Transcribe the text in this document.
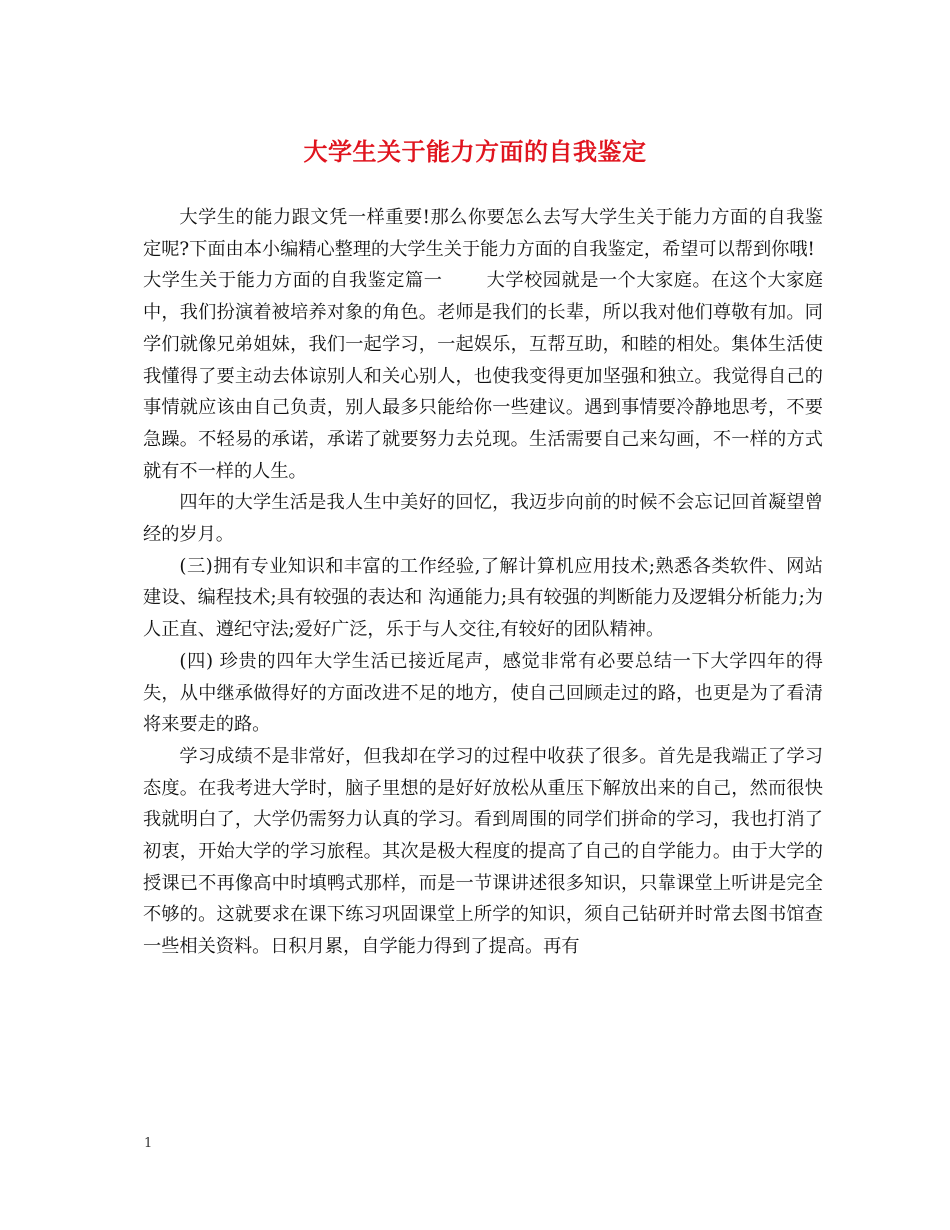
大学生关于能力方面的自我鉴定

大学生的能力跟文凭一样重要!那么你要怎么去写大学生关于能力方面的自我鉴定呢?下面由本小编精心整理的大学生关于能力方面的自我鉴定，希望可以帮到你哦!

大学生关于能力方面的自我鉴定篇一 大学校园就是一个大家庭。在这个大家庭中，我们扮演着被培养对象的角色。老师是我们的长辈，所以我对他们尊敬有加。同学们就像兄弟姐妹，我们一起学习，一起娱乐，互帮互助，和睦的相处。集体生活使我懂得了要主动去体谅别人和关心别人，也使我变得更加坚强和独立。我觉得自己的事情就应该由自己负责，别人最多只能给你一些建议。遇到事情要冷静地思考，不要急躁。不轻易的承诺，承诺了就要努力去兑现。生活需要自己来勾画，不一样的方式就有不一样的人生。

四年的大学生活是我人生中美好的回忆，我迈步向前的时候不会忘记回首凝望曾经的岁月。

(三)拥有专业知识和丰富的工作经验,了解计算机应用技术;熟悉各类软件、网站建设、编程技术;具有较强的表达和 沟通能力;具有较强的判断能力及逻辑分析能力;为人正直、遵纪守法;爱好广泛，乐于与人交往,有较好的团队精神。

(四) 珍贵的四年大学生活已接近尾声，感觉非常有必要总结一下大学四年的得失，从中继承做得好的方面改进不足的地方，使自己回顾走过的路，也更是为了看清将来要走的路。

学习成绩不是非常好，但我却在学习的过程中收获了很多。首先是我端正了学习态度。在我考进大学时，脑子里想的是好好放松从重压下解放出来的自己，然而很快我就明白了，大学仍需努力认真的学习。看到周围的同学们拼命的学习，我也打消了初衷，开始大学的学习旅程。其次是极大程度的提高了自己的自学能力。由于大学的授课已不再像高中时填鸭式那样，而是一节课讲述很多知识，只靠课堂上听讲是完全不够的。这就要求在课下练习巩固课堂上所学的知识，须自己钻研并时常去图书馆查一些相关资料。日积月累，自学能力得到了提高。再有

1
